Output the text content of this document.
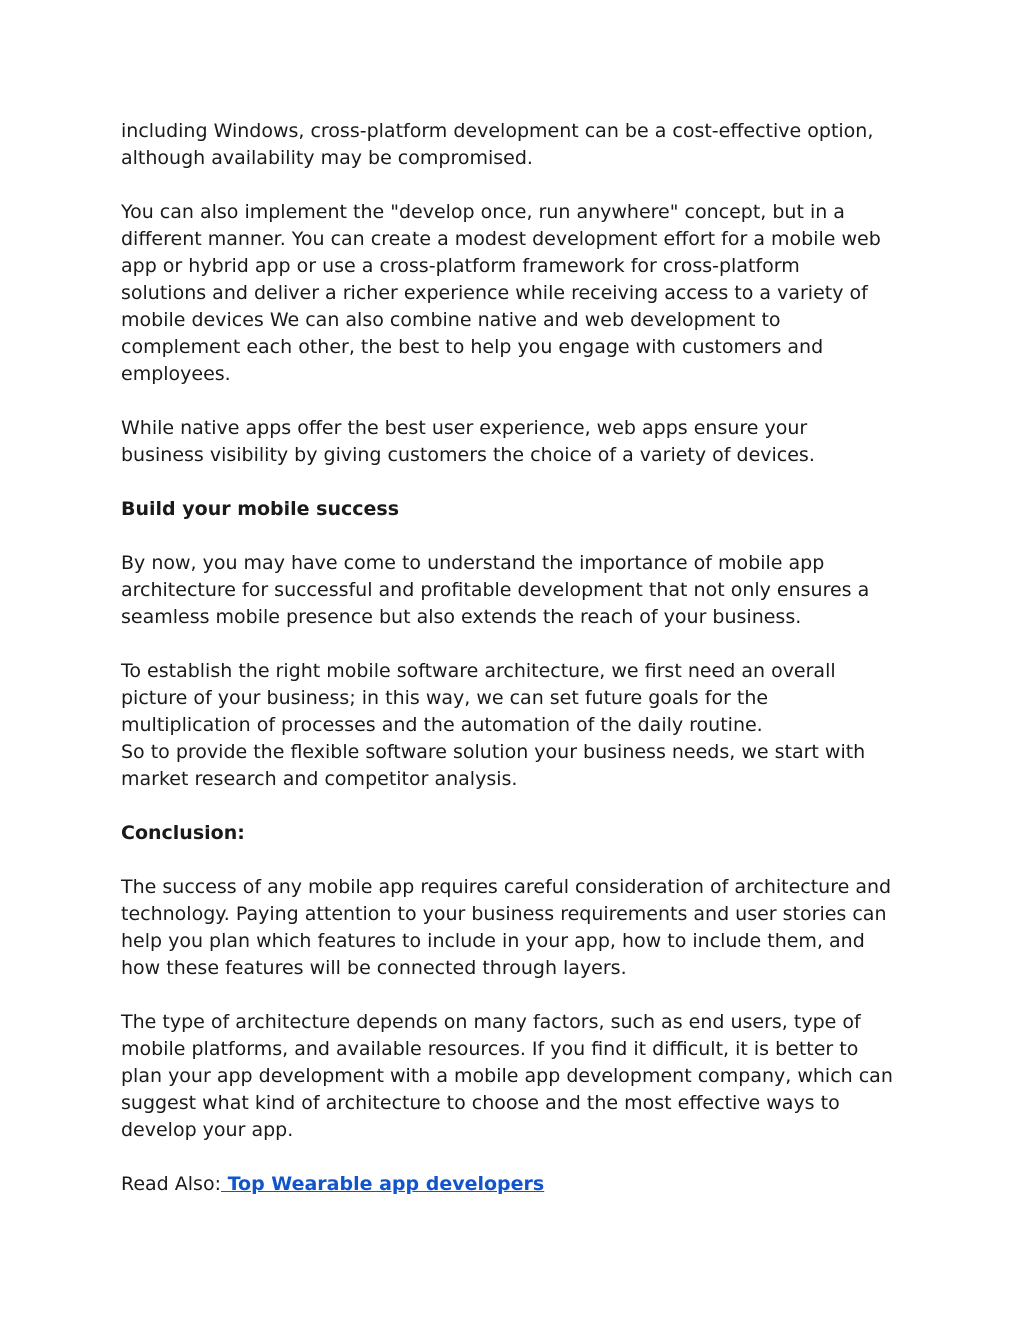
including Windows, cross-platform development can be a cost-effective option,
although availability may be compromised.

You can also implement the "develop once, run anywhere" concept, but in a
different manner. You can create a modest development effort for a mobile web
app or hybrid app or use a cross-platform framework for cross-platform
solutions and deliver a richer experience while receiving access to a variety of
mobile devices We can also combine native and web development to
complement each other, the best to help you engage with customers and
employees.

While native apps offer the best user experience, web apps ensure your
business visibility by giving customers the choice of a variety of devices.

Build your mobile success

By now, you may have come to understand the importance of mobile app
architecture for successful and profitable development that not only ensures a
seamless mobile presence but also extends the reach of your business.

To establish the right mobile software architecture, we first need an overall
picture of your business; in this way, we can set future goals for the
multiplication of processes and the automation of the daily routine.
So to provide the flexible software solution your business needs, we start with
market research and competitor analysis.

Conclusion:

The success of any mobile app requires careful consideration of architecture and
technology. Paying attention to your business requirements and user stories can
help you plan which features to include in your app, how to include them, and
how these features will be connected through layers.

The type of architecture depends on many factors, such as end users, type of
mobile platforms, and available resources. If you find it difficult, it is better to
plan your app development with a mobile app development company, which can
suggest what kind of architecture to choose and the most effective ways to
develop your app.

Read Also: Top Wearable app developers
